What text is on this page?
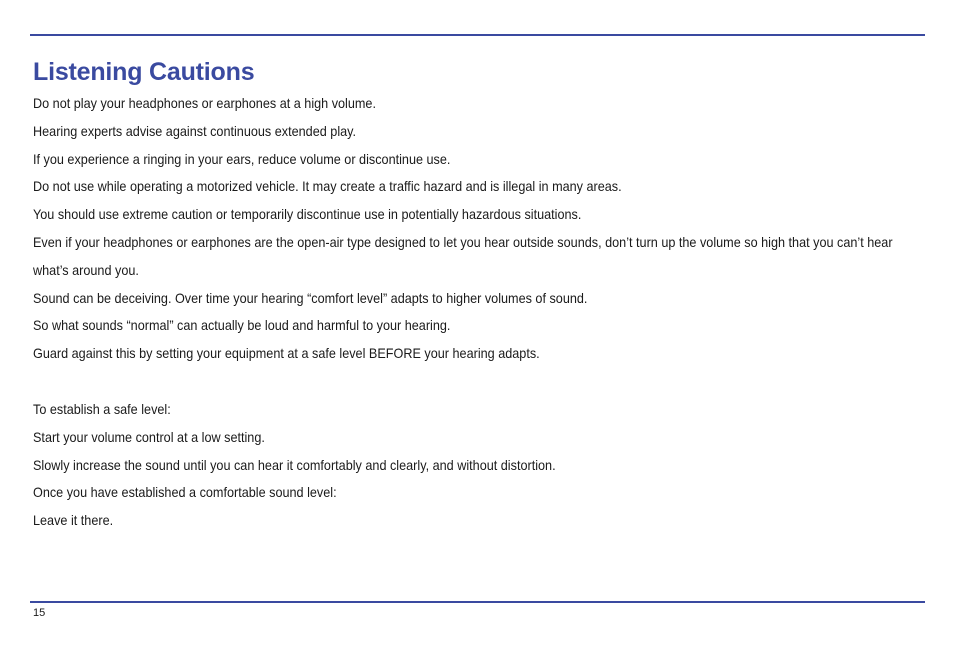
Listening Cautions

Do not play your headphones or earphones at a high volume.

Hearing experts advise against continuous extended play.

If you experience a ringing in your ears, reduce volume or discontinue use.

Do not use while operating a motorized vehicle. It may create a traffic hazard and is illegal in many areas.

You should use extreme caution or temporarily discontinue use in potentially hazardous situations.

Even if your headphones or earphones are the open-air type designed to let you hear outside sounds, don’t turn up the volume so high that you can’t hear what’s around you.

Sound can be deceiving. Over time your hearing “comfort level” adapts to higher volumes of sound.

So what sounds “normal” can actually be loud and harmful to your hearing.

Guard against this by setting your equipment at a safe level BEFORE your hearing adapts.

To establish a safe level:

Start your volume control at a low setting.

Slowly increase the sound until you can hear it comfortably and clearly, and without distortion.

Once you have established a comfortable sound level:

Leave it there.

15
